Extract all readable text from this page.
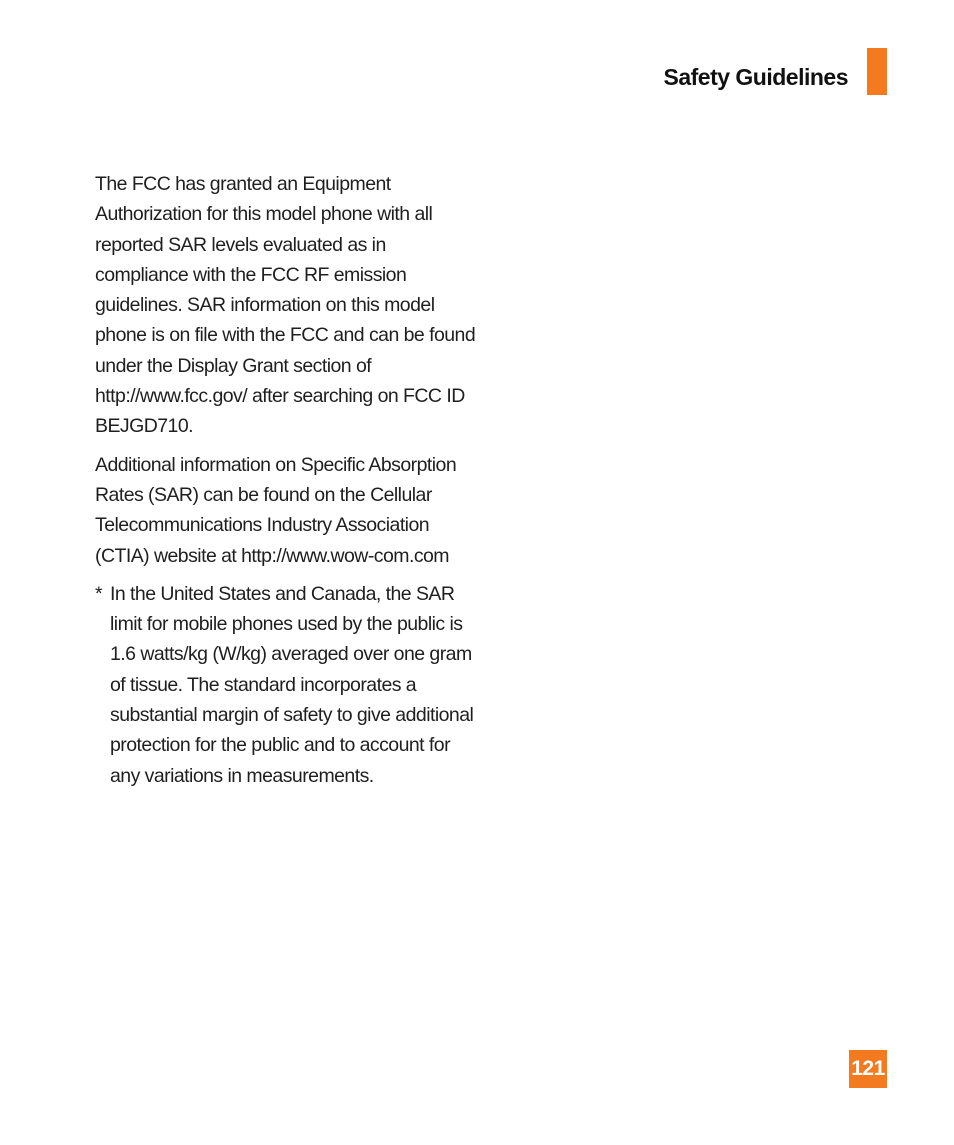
Safety Guidelines

The FCC has granted an Equipment Authorization for this model phone with all reported SAR levels evaluated as in compliance with the FCC RF emission guidelines. SAR information on this model phone is on file with the FCC and can be found under the Display Grant section of http://www.fcc.gov/ after searching on FCC ID BEJGD710.

Additional information on Specific Absorption Rates (SAR) can be found on the Cellular Telecommunications Industry Association (CTIA) website at http://www.wow-com.com

* In the United States and Canada, the SAR limit for mobile phones used by the public is 1.6 watts/kg (W/kg) averaged over one gram of tissue. The standard incorporates a substantial margin of safety to give additional protection for the public and to account for any variations in measurements.

121
